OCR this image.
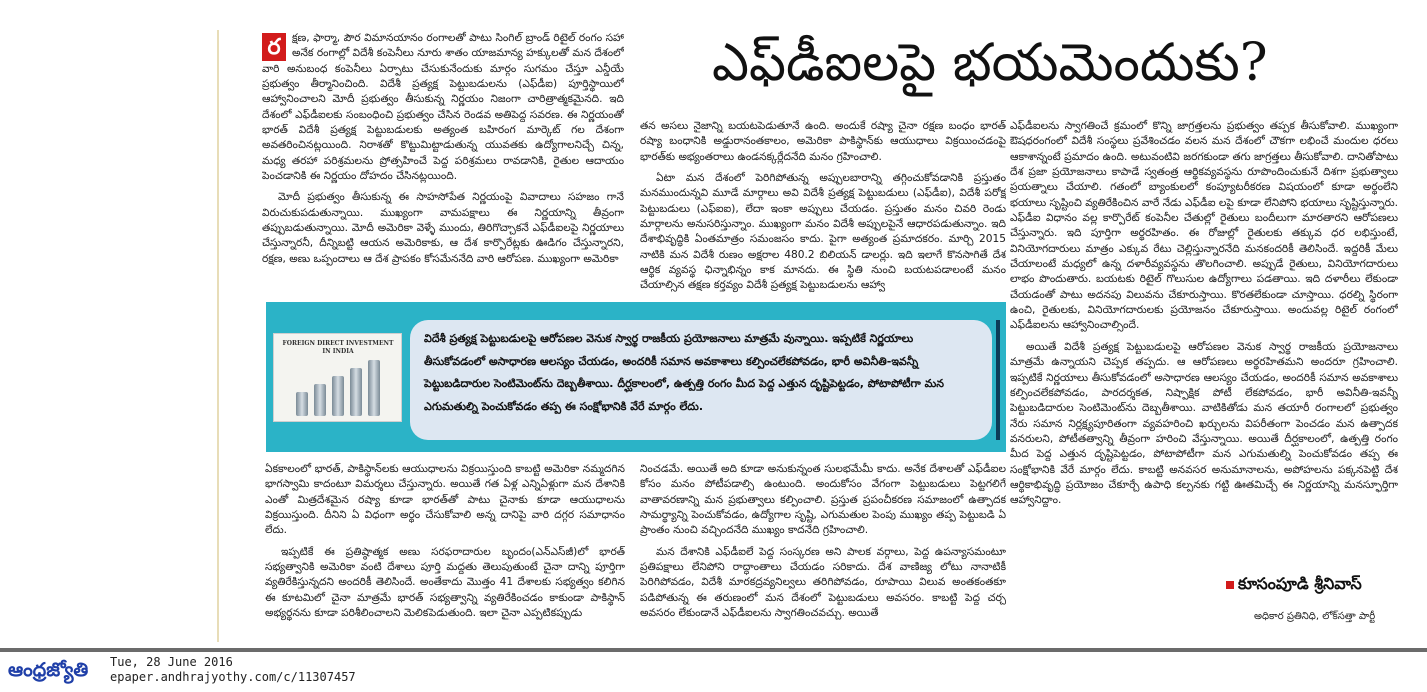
ర	క్షణ, ఫార్మా, పౌర విమానయానం రంగాలతో పాటు సింగిల్ బ్రాండ్ రిటైల్ రంగం సహా అనేక రంగాల్లో విదేశీ కంపెనీలు నూరు శాతం యాజమాన్య హక్కులతో మన దేశంలో వారి అనుబంధ కంపెనీలు ఏర్పాటు చేసుకునేందుకు మార్గం సుగమం చేస్తూ ఎన్డీయే ప్రభుత్వం తీర్మానించింది. విదేశీ ప్రత్యక్ష పెట్టుబడులను (ఎఫ్‌డీఐ) పూర్తిస్థాయిలో ఆహ్వానించాలని మోదీ ప్రభుత్వం తీసుకున్న నిర్ణయం నిజంగా చారిత్రాత్మకమైనది. ఇది దేశంలో ఎఫ్‌డీఐలకు సంబంధించి ప్రభుత్వం చేసిన రెండవ అతిపెద్ద సవరణ. ఈ నిర్ణయంతో భారత్ విదేశీ ప్రత్యక్ష పెట్టుబడులకు అత్యంత బహిరంగ మార్కెట్ గల దేశంగా అవతరించినట్లయింది. నిరాశతో కొట్టుమిట్టాడుతున్న యువతకు ఉద్యోగాలనిచ్చే చిన్న, మధ్య తరహా పరిశ్రమలను ప్రోత్సహించే పెద్ద పరిశ్రమలు రావడానికి, రైతుల ఆదాయం పెంచడానికి ఈ నిర్ణయం దోహదం చేసినట్లయింది.

మోదీ ప్రభుత్వం తీసుకున్న ఈ సాహసోపేత నిర్ణయంపై వివాదాలు సహజం గానే విరుచుకుపడుతున్నాయి. ముఖ్యంగా వామపక్షాలు ఈ నిర్ణయాన్ని తీవ్రంగా తప్పుబడుతున్నాయి. మోదీ అమెరికా వెళ్ళే ముందు, తిరిగొచ్చాకనే ఎఫ్‌డీఐలపై నిర్ణయాలు చేస్తున్నారనీ, దీన్నిబట్టి ఆయన అమెరికాకు, ఆ దేశ కార్పొరేట్లకు ఊడిగం చేస్తున్నారని, రక్షణ, అణు ఒప్పందాలు ఆ దేశ ప్రాపకం కోసమేననేది వారి ఆరోపణ. ముఖ్యంగా అమెరికా

ఎఫ్‌డీఐలపై భయమెందుకు?

తన అసలు నైజాన్ని బయటపెడుతూనే ఉంది. అందుకే రష్యా చైనా రక్షణ బంధం భారత్ రష్యా బంధానికి అడ్డురానంతకాలం, అమెరికా పాకిస్థాన్‌కు ఆయుధాలు విక్రయించడంపై భారత్‌కు అభ్యంతరాలు ఉండనక్కర్లేదనేది మనం గ్రహించాలి.

ఏటా మన దేశంలో పెరిగిపోతున్న అప్పులబారాన్ని తగ్గించుకోవడానికి ప్రస్తుతం మనముందున్నవి మూడే మార్గాలు అవి విదేశీ ప్రత్యక్ష పెట్టుబడులు (ఎఫ్‌డీఐ), విదేశీ పరోక్ష పెట్టుబడులు (ఎఫ్ఐఐ), లేదా ఇంకా అప్పులు చేయడం. ప్రస్తుతం మనం చివరి రెండు మార్గాలను అనుసరిస్తున్నాం. ముఖ్యంగా మనం విదేశీ అప్పులపైనే ఆధారపడుతున్నాం. ఇది దేశాభివృద్ధికి ఏంతమాత్రం సమంజసం కాదు. పైగా అత్యంత ప్రమాదకరం. మార్చి 2015 నాటికి మన విదేశీ రుణం అక్షరాల 480.2 బిలియన్ డాలర్లు. ఇది ఇలాగే కొనసాగితే దేశ ఆర్థిక వ్యవస్థ ఛిన్నాభిన్నం కాక మానదు. ఈ స్థితి నుంచి బయటపడాలంటే మనం చేయాల్సిన తక్షణ కర్తవ్యం విదేశీ ప్రత్యక్ష పెట్టుబడులను ఆహ్వా

ఎఫ్‌డీఐలను స్వాగతించే క్రమంలో కొన్ని జాగ్రత్తలను ప్రభుత్వం తప్పక తీసుకోవాలి. ముఖ్యంగా ఔషధరంగంలో విదేశీ సంస్థలు ప్రవేశించడం వలన మన దేశంలో చౌకగా లభించే మందుల ధరలు ఆకాశాన్నంటే ప్రమాదం ఉంది. అటువంటివి జరగకుండా తగు జాగ్రత్తలు తీసుకోవాలి. దానితోపాటు దేశ ప్రజా ప్రయోజనాలు కాపాడే స్వతంత్ర ఆర్థికవ్యవస్థను రూపొందించుకునే దిశగా ప్రభుత్వాలు ప్రయత్నాలు చేయాలి. గతంలో బ్యాంకులలో కంప్యూటరీకరణ విషయంలో కూడా అర్థంలేని భయాలు సృష్టించి వ్యతిరేకించిన వారే నేడు ఎఫ్‌డీఐ లపై కూడా లేనిపోని భయాలు సృష్టిస్తున్నారు. ఎఫ్‌డీఐ విధానం వల్ల కార్పొరేట్ కంపెనీల చేతుల్లో రైతులు బందీలుగా మారతారని ఆరోపణలు చేస్తున్నారు. ఇది పూర్తిగా అర్థరహితం. ఈ రోజుల్లో రైతులకు తక్కువ ధర లభిస్తుంటే, వినియోగదారులు మాత్రం ఎక్కువ రేటు చెల్లిస్తున్నారనేది మనకందరికీ తెలిసిందే. ఇద్దరికీ మేలు చేయాలంటే మధ్యలో ఉన్న దళారీవ్యవస్థను తొలగించాలి. అప్పుడే రైతులు, వినియోగదారులు లాభం పొందుతారు. బయటకు రిటైల్ గొలుసుల ఉద్యోగాలు పడతాయి. ఇది దళారీలు లేకుండా చేయడంతో పాటు అదనపు విలువను చేకూరుస్తాయి. కొరతలేకుండా చూస్తాయి. ధరల్ని స్థిరంగా ఉంచి, రైతులకు, వినియోగదారులకు ప్రయోజనం చేకూరుస్తాయి. అందువల్ల రిటైల్ రంగంలో ఎఫ్‌డీఐలను ఆహ్వానించాల్సిందే.

అయితే విదేశీ ప్రత్యక్ష పెట్టుబడులపై ఆరోపణల వెనుక స్వార్థ రాజకీయ ప్రయోజనాలు మాత్రమే ఉన్నాయని చెప్పక తప్పదు. ఆ ఆరోపణలు అర్థరహితమని అందరూ గ్రహించాలి. ఇప్పటికే నిర్ణయాలు తీసుకోవడంలో అసాధారణ ఆలస్యం చేయడం, అందరికీ సమాన అవకాశాలు కల్పించలేకపోవడం, పారదర్శకత, నిష్పాక్షిక పోటీ లేకపోవడం, భారీ అవినీతి-ఇవన్నీ పెట్టుబడిదారుల సెంటిమెంట్‌ను దెబ్బతీశాయి. వాటికితోడు మన తయారీ రంగాలలో ప్రభుత్వం నేరు సమాన నిర్లక్ష్యపూరితంగా వ్యవహరించి ఖర్చులను విపరీతంగా పెంచడం మన ఉత్పాదక వనరులని, పోటీతత్వాన్ని తీవ్రంగా హరించి వేస్తున్నాయి. అయితే దీర్ఘకాలంలో, ఉత్పత్తి రంగం మీద పెద్ద ఎత్తున దృష్టిపెట్టడం, పోటాపోటీగా మన ఎగుమతుల్ని పెంచుకోవడం తప్ప ఈ సంక్షోభానికి వేరే మార్గం లేదు. కాబట్టి అనవసర అనుమానాలను, అపోహలను పక్కనపెట్టి దేశ ఆర్థికాభివృద్ధి ప్రయోజం చేకూర్చే ఉపాధి కల్పనకు గట్టి ఊతమిచ్చే ఈ నిర్ణయాన్ని మనస్ఫూర్తిగా ఆహ్వానిద్దాం.

FOREIGN DIRECT INVESTMENT IN INDIA
విదేశీ ప్రత్యక్ష పెట్టుబడులపై ఆరోపణల వెనుక స్వార్థ రాజకీయ ప్రయోజనాలు మాత్రమే వున్నాయి. ఇప్పటికే నిర్ణయాలు తీసుకోవడంలో అసాధారణ ఆలస్యం చేయడం, అందరికీ సమాన అవకాశాలు కల్పించలేకపోవడం, భారీ అవినీతి-ఇవన్నీ పెట్టుబడిదారుల సెంటిమెంట్‌ను దెబ్బతీశాయి. దీర్ఘకాలంలో, ఉత్పత్తి రంగం మీద పెద్ద ఎత్తున దృష్టిపెట్టడం, పోటాపోటీగా మన ఎగుమతుల్ని పెంచుకోవడం తప్ప ఈ సంక్షోభానికి వేరే మార్గం లేదు.

ఏకకాలంలో భారత్, పాకిస్థాన్‌లకు ఆయుధాలను విక్రయిస్తుంది కాబట్టి అమెరికా నమ్మదగిన భాగస్వామి కాదంటూ విమర్శలు చేస్తున్నారు. అయితే గత ఏళ్ల ఎన్నిఏళ్లుగా మన దేశానికి ఎంతో మిత్రదేశమైన రష్యా కూడా భారత్‌తో పాటు చైనాకు కూడా ఆయుధాలను విక్రయిస్తుంది. దీనిని ఏ విధంగా అర్థం చేసుకోవాలి అన్న దానిపై వారి దగ్గర సమాధానం లేదు.

ఇప్పటికే ఈ ప్రతిష్ఠాత్మక అణు సరఫరాదారుల బృందం(ఎన్ఎస్‌జీ)లో భారత్ సభ్యత్వానికి అమెరికా వంటి దేశాలు పూర్తి మద్దతు తెలుపుతుంటే చైనా దాన్ని పూర్తిగా వ్యతిరేకిస్తున్నదని అందరికీ తెలిసిందే. అంతేకాదు మొత్తం 41 దేశాలకు సభ్యత్వం కలిగిన ఈ కూటమిలో చైనా మాత్రమే భారత్ సభ్యత్వాన్ని వ్యతిరేకించడం కాకుండా పాకిస్థాన్ అభ్యర్థనను కూడా పరిశీలించాలని మెలికపెడుతుంది. ఇలా చైనా ఎప్పటికప్పుడు

నించడమే. అయితే అది కూడా అనుకున్నంత సులభమేమీ కాదు. అనేక దేశాలతో ఎఫ్‌డీఐల కోసం మనం పోటీపడాల్సి ఉంటుంది. అందుకోసం వేగంగా పెట్టుబడులు పెట్టగలిగే వాతావరణాన్ని మన ప్రభుత్వాలు కల్పించాలి. ప్రస్తుత ప్రపంచీకరణ సమాజంలో ఉత్పాదక సామర్థ్యాన్ని పెంచుకోవడం, ఉద్యోగాల సృష్టి, ఎగుమతుల పెంపు ముఖ్యం తప్ప పెట్టుబడి ఏ ప్రాంతం నుంచి వచ్చిందనేది ముఖ్యం కాదనేది గ్రహించాలి.

మన దేశానికి ఎఫ్‌డీఐలే పెద్ద సంస్కరణ అని పాలక వర్గాలు, పెద్ద ఉపన్యాసమంటూ ప్రతిపక్షాలు లేనిపోని రాద్ధాంతాలు చేయడం సరికాదు. దేశ వాణిజ్య లోటు నానాటికీ పెరిగిపోవడం, విదేశీ మారకద్రవ్యనిల్వలు తరిగిపోవడం, రూపాయి విలువ అంతకంతకూ పడిపోతున్న ఈ తరుణంలో మన దేశంలో పెట్టుబడులు అవసరం. కాబట్టి పెద్ద చర్చ అవసరం లేకుండానే ఎఫ్‌డీఐలను స్వాగతించవచ్చు. అయితే

కూసంపూడి శ్రీనివాస్
అధికార ప్రతినిధి, లోక్‌సత్తా పార్టీ
ఆంధ్రజ్యోతి	Tue, 28 June 2016
epaper.andhrajyothy.com/c/11307457
